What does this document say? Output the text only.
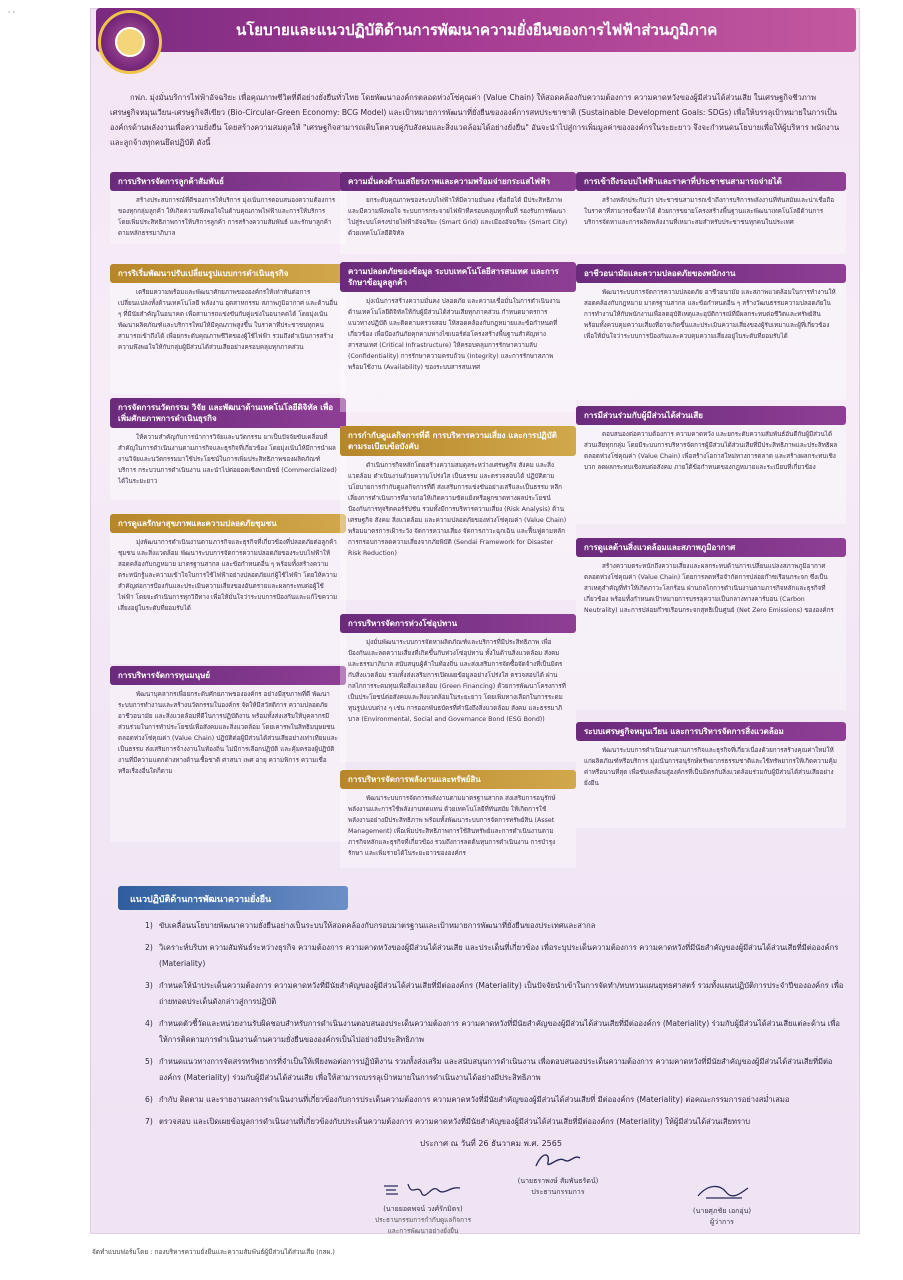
' '
นโยบายและแนวปฏิบัติด้านการพัฒนาความยั่งยืนของการไฟฟ้าส่วนภูมิภาค
กฟภ. มุ่งมั่นบริการไฟฟ้าอัจฉริยะ เพื่อคุณภาพชีวิตที่ดีอย่างยั่งยืนทั่วไทย โดยพัฒนาองค์กรตลอดห่วงโซ่คุณค่า (Value Chain) ให้สอดคล้องกับความต้องการ ความคาดหวังของผู้มีส่วนได้ส่วนเสีย ในเศรษฐกิจชีวภาพ เศรษฐกิจหมุนเวียน-เศรษฐกิจสีเขียว (Bio-Circular-Green Economy: BCG Model) และเป้าหมายการพัฒนาที่ยั่งยืนขององค์การสหประชาชาติ (Sustainable Development Goals: SDGs) เพื่อให้บรรลุเป้าหมายในการเป็นองค์กรด้านพลังงานเพื่อความยั่งยืน โดยสร้างความสมดุลให้ "เศรษฐกิจสามารถเติบโตควบคู่กับสังคมและสิ่งแวดล้อมได้อย่างยั่งยืน" อันจะนำไปสู่การเพิ่มมูลค่าขององค์กรในระยะยาว จึงจะกำหนดนโยบายเพื่อให้ผู้บริหาร พนักงาน และลูกจ้างทุกคนยึดปฏิบัติ ดังนี้
การบริหารจัดการลูกค้าสัมพันธ์
สร้างประสบการณ์ที่ดีของการให้บริการ มุ่งเน้นการตอบสนองความต้องการของทุกกลุ่มลูกค้า ให้เกิดความพึงพอใจในด้านคุณภาพไฟฟ้าและการให้บริการ โดยเพิ่มประสิทธิภาพการให้บริการลูกค้า การสร้างความสัมพันธ์ และรักษาลูกค้าตามหลักธรรมาภิบาล
การริเริ่มพัฒนาปรับเปลี่ยนรูปแบบการดำเนินธุรกิจ
เตรียมความพร้อมและพัฒนาศักยภาพขององค์กรให้เท่าทันต่อการเปลี่ยนแปลงทั้งด้านเทคโนโลยี พลังงาน อุตสาหกรรม สภาพภูมิอากาศ และด้านอื่น ๆ ที่มีนัยสำคัญในอนาคต เพื่อสามารถแข่งขันกับคู่แข่งในอนาคตได้ โดยมุ่งเน้นพัฒนาผลิตภัณฑ์และบริการใหม่ให้มีคุณภาพสูงขึ้น ในราคาที่ประชาชนทุกคนสามารถเข้าถึงได้ เพื่อยกระดับคุณภาพชีวิตของผู้ใช้ไฟฟ้า รวมถึงดำเนินการสร้างความพึงพอใจให้กับกลุ่มผู้มีส่วนได้ส่วนเสียอย่างครอบคลุมทุกภาคส่วน
การจัดการนวัตกรรม วิจัย และพัฒนาด้านเทคโนโลยีดิจิทัล เพื่อเพิ่มศักยภาพการดำเนินธุรกิจ
ให้ความสำคัญกับการนำการวิจัยและนวัตกรรม มาเป็นปัจจัยขับเคลื่อนที่สำคัญในการดำเนินงานตามภารกิจและธุรกิจที่เกี่ยวข้อง โดยมุ่งเน้นให้มีการนำผลงานวิจัยและนวัตกรรมมาใช้ประโยชน์ในการเพิ่มประสิทธิภาพของผลิตภัณฑ์ บริการ กระบวนการดำเนินงาน และนำไปต่อยอดเชิงพาณิชย์ (Commercialized) ได้ในระยะยาว
การดูแลรักษาสุขภาพและความปลอดภัยชุมชน
มุ่งพัฒนาการดำเนินงานตามภารกิจและธุรกิจที่เกี่ยวข้องที่ปลอดภัยต่อลูกค้า ชุมชน และสิ่งแวดล้อม พัฒนาระบบการจัดการความปลอดภัยของระบบไฟฟ้าให้สอดคล้องกับกฎหมาย มาตรฐานสากล และข้อกำหนดอื่น ๆ พร้อมทั้งสร้างความตระหนักรู้และความเข้าใจในการใช้ไฟฟ้าอย่างปลอดภัยแก่ผู้ใช้ไฟฟ้า โดยให้ความสำคัญต่อการป้องกันและประเมินความเสี่ยงของอันตรายและผลกระทบต่อผู้ใช้ไฟฟ้า โดยจะดำเนินการทุกวิถีทาง เพื่อให้มั่นใจว่าระบบการป้องกันและแก้ไขความเสี่ยงอยู่ในระดับที่ยอมรับได้
การบริหารจัดการทุนมนุษย์
พัฒนาบุคลากรเพื่อยกระดับศักยภาพขององค์กร อย่างมีสุขภาพที่ดี พัฒนาระบบการทำงานและสร้างนวัตกรรมในองค์กร จัดให้มีสวัสดิการ ความปลอดภัย อาชีวอนามัย และสิ่งแวดล้อมที่ดีในการปฏิบัติงาน พร้อมทั้งส่งเสริมให้บุคลากรมีส่วนร่วมในการทำประโยชน์เพื่อสังคมและสิ่งแวดล้อม โดยเคารพในสิทธิมนุษยชนตลอดห่วงโซ่คุณค่า (Value Chain) ปฏิบัติต่อผู้มีส่วนได้ส่วนเสียอย่างเท่าเทียมและเป็นธรรม ส่งเสริมการจ้างงานในท้องถิ่น ไม่มีการเลือกปฏิบัติ และคุ้มครองผู้ปฏิบัติงานที่มีความแตกต่างทางด้านเชื้อชาติ ศาสนา เพศ อายุ ความพิการ ความเชื่อ หรือเรื่องอื่นใดก็ตาม
ความมั่นคงด้านเสถียรภาพและความพร้อมจ่ายกระแสไฟฟ้า
ยกระดับคุณภาพของระบบไฟฟ้าให้มีความมั่นคง เชื่อถือได้ มีประสิทธิภาพ และมีความพึงพอใจ ระบบการกระจายไฟฟ้าที่ครอบคลุมทุกพื้นที่ รองรับการพัฒนาไปสู่ระบบโครงข่ายไฟฟ้าอัจฉริยะ (Smart Grid) และเมืองอัจฉริยะ (Smart City) ด้วยเทคโนโลยีดิจิทัล
ความปลอดภัยของข้อมูล ระบบเทคโนโลยีสารสนเทศ และการรักษาข้อมูลลูกค้า
มุ่งเน้นการสร้างความมั่นคง ปลอดภัย และความเชื่อมั่นในการดำเนินงานด้านเทคโนโลยีดิจิทัลให้กับผู้มีส่วนได้ส่วนเสียทุกภาคส่วน กำหนดมาตรการ แนวทางปฏิบัติ และติดตามตรวจสอบ ให้สอดคล้องกับกฎหมายและข้อกำหนดที่เกี่ยวข้อง เพื่อป้องกันภัยคุกคามทางไซเบอร์ต่อโครงสร้างพื้นฐานสำคัญทางสารสนเทศ (Critical Infrastructure) ให้ครอบคลุมการรักษาความลับ (Confidentiality) การรักษาความครบถ้วน (Integrity) และการรักษาสภาพพร้อมใช้งาน (Availability) ของระบบสารสนเทศ
การกำกับดูแลกิจการที่ดี การบริหารความเสี่ยง และการปฏิบัติตามระเบียบข้อบังคับ
ดำเนินการกิจหลักโดยสร้างความสมดุลระหว่างเศรษฐกิจ สังคม และสิ่งแวดล้อม ดำเนินงานด้วยความโปร่งใส เป็นธรรม และตรวจสอบได้ ปฏิบัติตามนโยบายการกำกับดูแลกิจการที่ดี ส่งเสริมการแข่งขันอย่างเสรีและเป็นธรรม หลีกเลี่ยงการดำเนินการที่อาจก่อให้เกิดความขัดแย้งหรือผูกขาดทางผลประโยชน์ ป้องกันการทุจริตคอร์รัปชัน รวมทั้งมีการบริหารความเสี่ยง (Risk Analysis) ด้านเศรษฐกิจ สังคม สิ่งแวดล้อม และความปลอดภัยของห่วงโซ่คุณค่า (Value Chain) พร้อมมาตรการเฝ้าระวัง จัดการความเสี่ยง จัดการภาวะฉุกเฉิน และฟื้นฟูตามหลักการกรอบการลดความเสี่ยงจากภัยพิบัติ (Sendai Framework for Disaster Risk Reduction)
การบริหารจัดการห่วงโซ่อุปทาน
มุ่งมั่นพัฒนาระบบการจัดหาผลิตภัณฑ์และบริการที่มีประสิทธิภาพ เพื่อป้องกันและลดความเสี่ยงที่เกิดขึ้นกับห่วงโซ่อุปทาน ทั้งในด้านสิ่งแวดล้อม สังคม และธรรมาภิบาล สนับสนุนผู้ค้าในท้องถิ่น และส่งเสริมการจัดซื้อจัดจ้างที่เป็นมิตรกับสิ่งแวดล้อม รวมทั้งส่งเสริมการเปิดเผยข้อมูลอย่างโปร่งใส ตรวจสอบได้ ผ่านกลไกการระดมทุนเพื่อสิ่งแวดล้อม (Green Financing) ด้วยการพัฒนาโครงการที่เป็นประโยชน์ต่อสังคมและสิ่งแวดล้อมในระยะยาว โดยเพิ่มทางเลือกในการระดมทุนรูปแบบต่าง ๆ เช่น การออกพันธบัตรที่คำนึงถึงสิ่งแวดล้อม สังคม และธรรมาภิบาล (Environmental, Social and Governance Bond (ESG Bond))
การบริหารจัดการพลังงานและทรัพย์สิน
พัฒนาระบบการจัดการพลังงานตามมาตรฐานสากล ส่งเสริมการอนุรักษ์พลังงานและการใช้พลังงานทดแทน ด้วยเทคโนโลยีที่ทันสมัย ให้เกิดการใช้พลังงานอย่างมีประสิทธิภาพ พร้อมทั้งพัฒนาระบบการจัดการทรัพย์สิน (Asset Management) เพื่อเพิ่มประสิทธิภาพการใช้สินทรัพย์และการดำเนินงานตามภารกิจหลักและธุรกิจที่เกี่ยวข้อง รวมถึงการลดต้นทุนการดำเนินงาน การบำรุงรักษา และเพิ่มรายได้ในระยะยาวขององค์กร
การเข้าถึงระบบไฟฟ้าและราคาที่ประชาชนสามารถจ่ายได้
สร้างหลักประกันว่า ประชาชนสามารถเข้าถึงการบริการพลังงานที่ทันสมัยและน่าเชื่อถือ ในราคาที่สามารถซื้อหาได้ ด้วยการขยายโครงสร้างพื้นฐานและพัฒนาเทคโนโลยีด้านการบริการจัดหาและการผลิตพลังงานที่เหมาะสมสำหรับประชาชนทุกคนในประเทศ
อาชีวอนามัยและความปลอดภัยของพนักงาน
พัฒนาระบบการจัดการความปลอดภัย อาชีวอนามัย และสภาพแวดล้อมในการทำงานให้สอดคล้องกับกฎหมาย มาตรฐานสากล และข้อกำหนดอื่น ๆ สร้างวัฒนธรรมความปลอดภัยในการทำงานให้กับพนักงานเพื่อลดอุบัติเหตุและอุบัติการณ์ที่มีผลกระทบต่อชีวิตและทรัพย์สิน พร้อมทั้งควบคุมความเสี่ยงที่อาจเกิดขึ้นและประเมินความเสี่ยงของผู้รับเหมาและผู้ที่เกี่ยวข้อง เพื่อให้มั่นใจว่าระบบการป้องกันและควบคุมความเสี่ยงอยู่ในระดับที่ยอมรับได้
การมีส่วนร่วมกับผู้มีส่วนได้ส่วนเสีย
ตอบสนองต่อความต้องการ ความคาดหวัง และยกระดับความสัมพันธ์อันดีกับผู้มีส่วนได้ส่วนเสียทุกกลุ่ม โดยมีระบบการบริหารจัดการผู้มีส่วนได้ส่วนเสียที่มีประสิทธิภาพและประสิทธิผลตลอดห่วงโซ่คุณค่า (Value Chain) เพื่อสร้างโอกาสใหม่ทางการตลาด และสร้างผลกระทบเชิงบวก ลดผลกระทบเชิงลบต่อสังคม ภายใต้ข้อกำหนดของกฎหมายและระเบียบที่เกี่ยวข้อง
การดูแลด้านสิ่งแวดล้อมและสภาพภูมิอากาศ
สร้างความตระหนักถึงความเสี่ยงและผลกระทบด้านการเปลี่ยนแปลงสภาพภูมิอากาศตลอดห่วงโซ่คุณค่า (Value Chain) โดยการลดหรือจำกัดการปล่อยก๊าซเรือนกระจก ซึ่งเป็นสาเหตุสำคัญที่ทำให้เกิดภาวะโลกร้อน ผ่านกลไกการดำเนินงานตามภารกิจหลักและธุรกิจที่เกี่ยวข้อง พร้อมทั้งกำหนดเป้าหมายการบรรลุความเป็นกลางทางคาร์บอน (Carbon Neutrality) และการปล่อยก๊าซเรือนกระจกสุทธิเป็นศูนย์ (Net Zero Emissions) ขององค์กร
ระบบเศรษฐกิจหมุนเวียน และการบริหารจัดการสิ่งแวดล้อม
พัฒนาระบบการดำเนินงานตามภารกิจและธุรกิจที่เกี่ยวเนื่องด้วยการสร้างคุณค่าใหม่ให้แก่ผลิตภัณฑ์หรือบริการ มุ่งเน้นการอนุรักษ์ทรัพยากรธรรมชาติและใช้ทรัพยากรให้เกิดความคุ้มค่าหรือนานที่สุด เพื่อขับเคลื่อนสู่องค์กรที่เป็นมิตรกับสิ่งแวดล้อมร่วมกับผู้มีส่วนได้ส่วนเสียอย่างยั่งยืน
แนวปฏิบัติด้านการพัฒนาความยั่งยืน
1) ขับเคลื่อนนโยบายพัฒนาความยั่งยืนอย่างเป็นระบบให้สอดคล้องกับกรอบมาตรฐานและเป้าหมายการพัฒนาที่ยั่งยืนของประเทศและสากล
2) วิเคราะห์บริบท ความสัมพันธ์ระหว่างธุรกิจ ความต้องการ ความคาดหวังของผู้มีส่วนได้ส่วนเสีย และประเด็นที่เกี่ยวข้อง เพื่อระบุประเด็นความต้องการ ความคาดหวังที่มีนัยสำคัญของผู้มีส่วนได้ส่วนเสียที่มีต่อองค์กร (Materiality)
3) กำหนดให้นำประเด็นความต้องการ ความคาดหวังที่มีนัยสำคัญของผู้มีส่วนได้ส่วนเสียที่มีต่อองค์กร (Materiality) เป็นปัจจัยนำเข้าในการจัดทำ/ทบทวนแผนยุทธศาสตร์ รวมทั้งแผนปฏิบัติการประจำปีขององค์กร เพื่อถ่ายทอดประเด็นดังกล่าวสู่การปฏิบัติ
4) กำหนดตัวชี้วัดและหน่วยงานรับผิดชอบสำหรับการดำเนินงานตอบสนองประเด็นความต้องการ ความคาดหวังที่มีนัยสำคัญของผู้มีส่วนได้ส่วนเสียที่มีต่อองค์กร (Materiality) ร่วมกับผู้มีส่วนได้ส่วนเสียแต่ละด้าน เพื่อให้การติดตามการดำเนินงานด้านความยั่งยืนขององค์กรเป็นไปอย่างมีประสิทธิภาพ
5) กำหนดแนวทางการจัดสรรทรัพยากรที่จำเป็นให้เพียงพอต่อการปฏิบัติงาน รวมทั้งส่งเสริม และสนับสนุนการดำเนินงาน เพื่อตอบสนองประเด็นความต้องการ ความคาดหวังที่มีนัยสำคัญของผู้มีส่วนได้ส่วนเสียที่มีต่อองค์กร (Materiality) ร่วมกับผู้มีส่วนได้ส่วนเสีย เพื่อให้สามารถบรรลุเป้าหมายในการดำเนินงานได้อย่างมีประสิทธิภาพ
6) กำกับ ติดตาม และรายงานผลการดำเนินงานที่เกี่ยวข้องกับการประเด็นความต้องการ ความคาดหวังที่มีนัยสำคัญของผู้มีส่วนได้ส่วนเสียที่ มีต่อองค์กร (Materiality) ต่อคณะกรรมการอย่างสม่ำเสมอ
7) ตรวจสอบ และเปิดเผยข้อมูลการดำเนินงานที่เกี่ยวข้องกับประเด็นความต้องการ ความคาดหวังที่มีนัยสำคัญของผู้มีส่วนได้ส่วนเสียที่มีต่อองค์กร (Materiality) ให้ผู้มีส่วนได้ส่วนเสียทราบ
ประกาศ ณ วันที่ 26 ธันวาคม พ.ศ. 2565
(นายธราพงษ์ สัมพันธรัตน์)
ประธานกรรมการ
(นายยอดพจน์ วงศ์รักมิตร)
ประธานกรรมการกำกับดูแลกิจการ
และการพัฒนาอย่างยั่งยืน
(นายศุภชัย เอกอุ่น)
ผู้ว่าการ
จัดทำแบบฟอร์มโดย : กองบริหารความยั่งยืนและความสัมพันธ์ผู้มีส่วนได้ส่วนเสีย (กสผ.)
